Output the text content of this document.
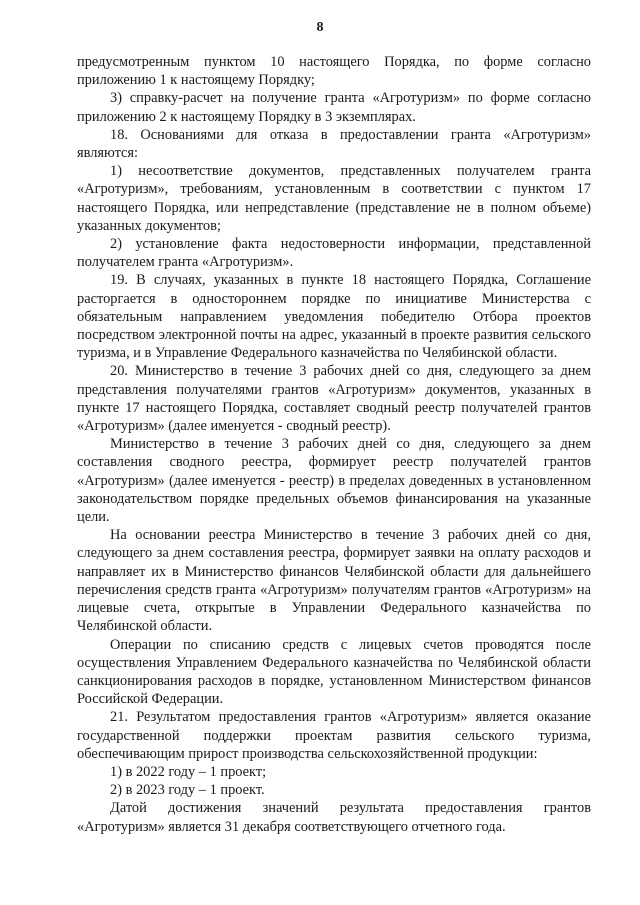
8

предусмотренным пунктом 10 настоящего Порядка, по форме согласно приложению 1 к настоящему Порядку;

3) справку-расчет на получение гранта «Агротуризм» по форме согласно приложению 2 к настоящему Порядку в 3 экземплярах.

18. Основаниями для отказа в предоставлении гранта «Агротуризм» являются:

1) несоответствие документов, представленных получателем гранта «Агротуризм», требованиям, установленным в соответствии с пунктом 17 настоящего Порядка, или непредставление (представление не в полном объеме) указанных документов;

2) установление факта недостоверности информации, представленной получателем гранта «Агротуризм».

19. В случаях, указанных в пункте 18 настоящего Порядка, Соглашение расторгается в одностороннем порядке по инициативе Министерства с обязательным направлением уведомления победителю Отбора проектов посредством электронной почты на адрес, указанный в проекте развития сельского туризма, и в Управление Федерального казначейства по Челябинской области.

20. Министерство в течение 3 рабочих дней со дня, следующего за днем представления получателями грантов «Агротуризм» документов, указанных в пункте 17 настоящего Порядка, составляет сводный реестр получателей грантов «Агротуризм» (далее именуется - сводный реестр).

Министерство в течение 3 рабочих дней со дня, следующего за днем составления сводного реестра, формирует реестр получателей грантов «Агротуризм» (далее именуется - реестр) в пределах доведенных в установленном законодательством порядке предельных объемов финансирования на указанные цели.

На основании реестра Министерство в течение 3 рабочих дней со дня, следующего за днем составления реестра, формирует заявки на оплату расходов и направляет их в Министерство финансов Челябинской области для дальнейшего перечисления средств гранта «Агротуризм» получателям грантов «Агротуризм» на лицевые счета, открытые в Управлении Федерального казначейства по Челябинской области.

Операции по списанию средств с лицевых счетов проводятся после осуществления Управлением Федерального казначейства по Челябинской области санкционирования расходов в порядке, установленном Министерством финансов Российской Федерации.

21. Результатом предоставления грантов «Агротуризм» является оказание государственной поддержки проектам развития сельского туризма, обеспечивающим прирост производства сельскохозяйственной продукции:

1) в 2022 году – 1 проект;

2) в 2023 году – 1 проект.

Датой достижения значений результата предоставления грантов «Агротуризм» является 31 декабря соответствующего отчетного года.
